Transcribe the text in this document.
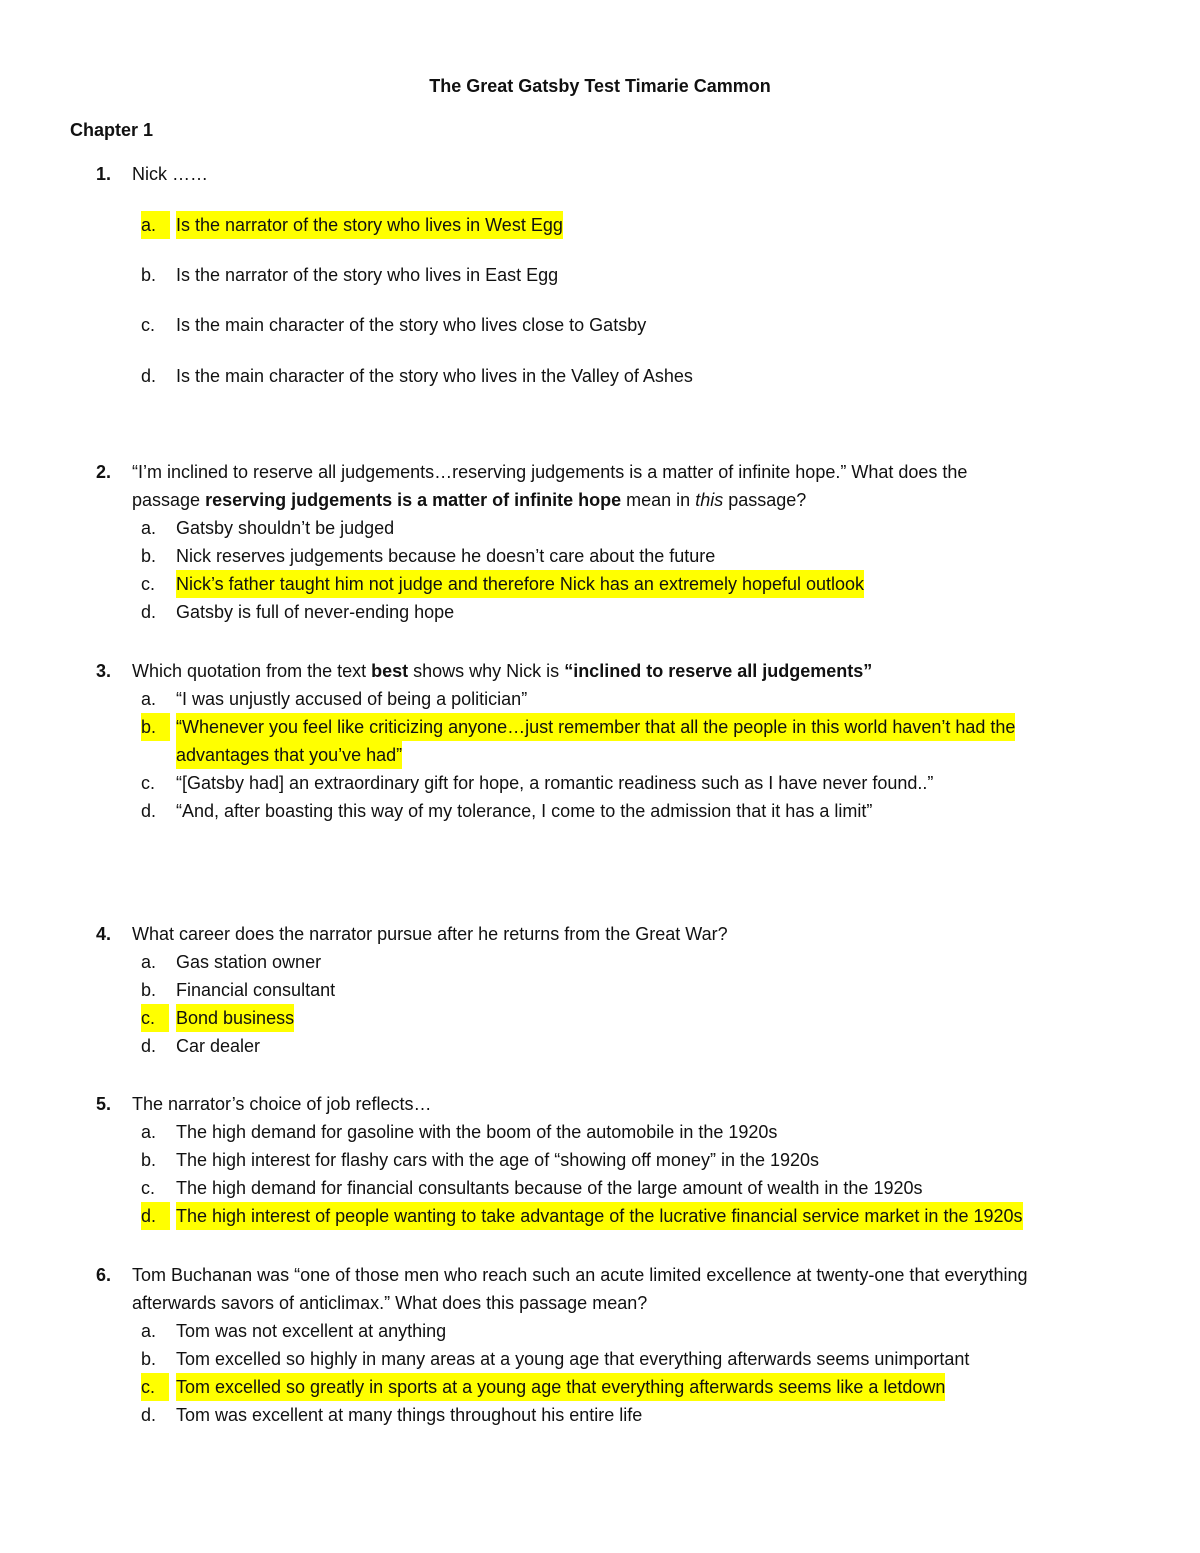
The Great Gatsby Test Timarie Cammon
Chapter 1
1. Nick ……
a.	Is the narrator of the story who lives in West Egg
b. Is the narrator of the story who lives in East Egg
c. Is the main character of the story who lives close to Gatsby
d. Is the main character of the story who lives in the Valley of Ashes
2. “I’m inclined to reserve all judgements…reserving judgements is a matter of infinite hope.” What does the
passage reserving judgements is a matter of infinite hope mean in this passage?
a. Gatsby shouldn’t be judged
b. Nick reserves judgements because he doesn’t care about the future
c. Nick’s father taught him not judge and therefore Nick has an extremely hopeful outlook
d. Gatsby is full of never-ending hope
3. Which quotation from the text best shows why Nick is “inclined to reserve all judgements”
a. “I was unjustly accused of being a politician”
b.	“Whenever you feel like criticizing anyone…just remember that all the people in this world haven’t had the
advantages that you’ve had”
c. “[Gatsby had] an extraordinary gift for hope, a romantic readiness such as I have never found..”
d. “And, after boasting this way of my tolerance, I come to the admission that it has a limit”
4. What career does the narrator pursue after he returns from the Great War?
a. Gas station owner
b. Financial consultant
c.	Bond business
d. Car dealer
5. The narrator’s choice of job reflects…
a. The high demand for gasoline with the boom of the automobile in the 1920s
b. The high interest for flashy cars with the age of “showing off money” in the 1920s
c. The high demand for financial consultants because of the large amount of wealth in the 1920s
d.	The high interest of people wanting to take advantage of the lucrative financial service market in the 1920s
6. Tom Buchanan was “one of those men who reach such an acute limited excellence at twenty-one that everything
afterwards savors of anticlimax.” What does this passage mean?
a. Tom was not excellent at anything
b. Tom excelled so highly in many areas at a young age that everything afterwards seems unimportant
c.	Tom excelled so greatly in sports at a young age that everything afterwards seems like a letdown
d. Tom was excellent at many things throughout his entire life
